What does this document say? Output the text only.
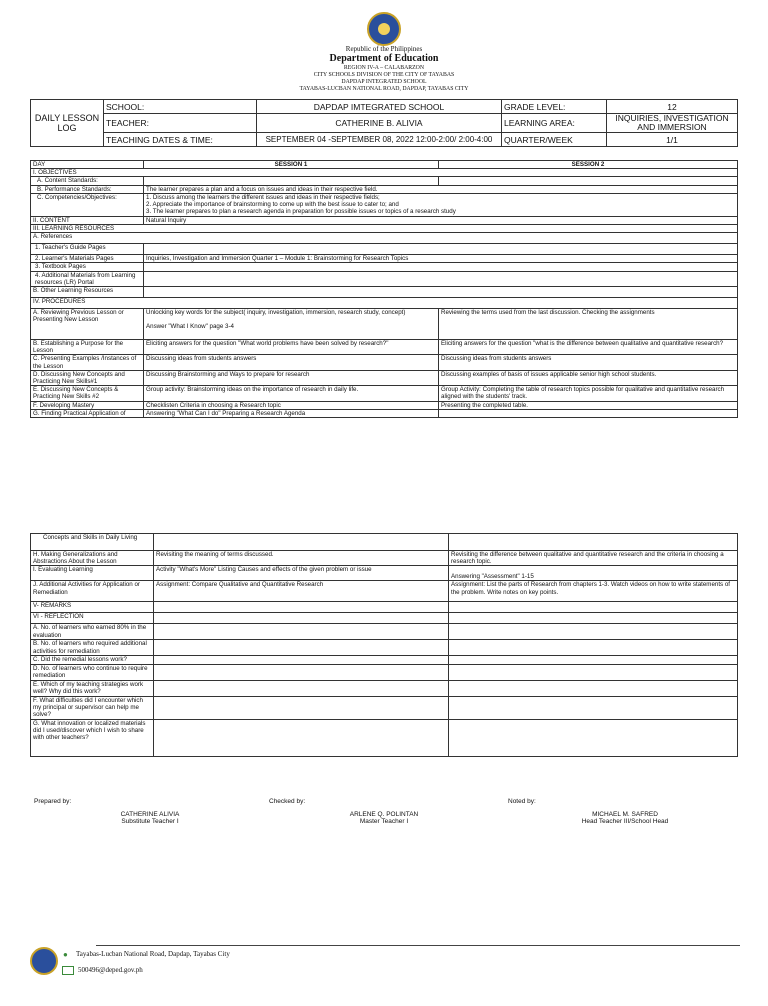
Republic of the Philippines
Department of Education
REGION IV-A – CALABARZON
CITY SCHOOLS DIVISION OF THE CITY OF TAYABAS
DAPDAP INTEGRATED SCHOOL
TAYABAS-LUCBAN NATIONAL ROAD, DAPDAP, TAYABAS CITY
DAILY LESSON LOG	SCHOOL:	DAPDAP IMTEGRATED SCHOOL	GRADE LEVEL:	12
	TEACHER:	CATHERINE B. ALIVIA	LEARNING AREA:	INQUIRIES, INVESTIGATION AND IMMERSION
	TEACHING DATES & TIME:	SEPTEMBER 04 -SEPTEMBER 08, 2022 12:00-2:00/ 2:00-4:00	QUARTER/WEEK	1/1
DAY	SESSION 1	SESSION 2
I. OBJECTIVES		
A. Content Standards:		
B. Performance Standards:	The learner prepares a plan and a focus on issues and ideas in their respective field.	
C. Competencies/Objectives:	1. Discuss among the learners the different issues and ideas in their respective fields;
2. Appreciate the importance of brainstorming to come up with the best issue to cater to; and
3. The learner prepares to plan a research agenda in preparation for possible issues or topics of a research study	

II. CONTENT	Natural Inquiry	
III. LEARNING RESOURCES		
A. References		
1. Teacher's Guide Pages		
2. Learner's Materials Pages	Inquiries, Investigation and Immersion Quarter 1 – Module 1: Brainstorming for Research Topics	
3. Textbook Pages		
4. Additional Materials from Learning resources (LR) Portal		
B. Other Learning Resources		
IV. PROCEDURES		
A. Reviewing Previous Lesson or Presenting New Lesson	Unlocking key words for the subject( inquiry, investigation, immersion, research study, concept)
Answer "What I Know" page 3-4	Reviewing the terms used from the last discussion. Checking the assignments
B. Establishing a Purpose for the Lesson	Eliciting answers for the question "What world problems have been solved by research?"	Eliciting answers for the question "what is the difference between qualitative and quantitative research?
C. Presenting Examples /Instances of the Lesson	Discussing ideas from students answers	Discussing ideas from students answers
D. Discussing New Concepts and Practicing New Skills#1	Discussing Brainstorming and Ways to prepare for research	Discussing examples of basis of issues applicable senior high school students.
E. Discussing New Concepts & Practicing New Skills #2	Group activity: Brainstorming ideas on the importance of research in daily life.	Group Activity: Completing the table of research topics possible for qualitative and quantitative research aligned with the students' track.
F. Developing Mastery	Checklisten Criteria in choosing a Research topic	Presenting the completed table.
G. Finding Practical Application of	Answering "What Can I do" Preparing a Research Agenda	
Concepts and Skills in Daily Living		
H. Making Generalizations and Abstractions About the Lesson	Revisiting the meaning of terms discussed.	Revisiting the difference between qualitative and quantitative research and the criteria in choosing a research topic.
I. Evaluating Learning	Activity "What's More" Listing Causes and effects of the given problem or issue	Answering "Assessment" 1-15
J. Additional Activities for Application or Remediation	Assignment: Compare Qualitative and Quantitative Research	Assignment: List the parts of Research from chapters 1-3. Watch videos on how to write statements of the problem. Write notes on key points.
V- REMARKS		
VI - REFLECTION		
A. No. of learners who earned 80% in the evaluation		
B. No. of learners who required additional activities for remediation		
C. Did the remedial lessons work?		
D. No. of learners who continue to require remediation		
E. Which of my teaching strategies work well? Why did this work?		
F. What difficulties did I encounter which my principal or supervisor can help me solve?		
G. What innovation or localized materials did I used/discover which I wish to share with other teachers?		
Prepared by:
CATHERINE ALIVIA
Substitute Teacher I
Checked by:
ARLENE Q. POLINTAN
Master Teacher I
Noted by:
MICHAEL M. SAFRED
Head Teacher III/School Head
● Tayabas-Lucban National Road, Dapdap, Tayabas City
500496@deped.gov.ph
